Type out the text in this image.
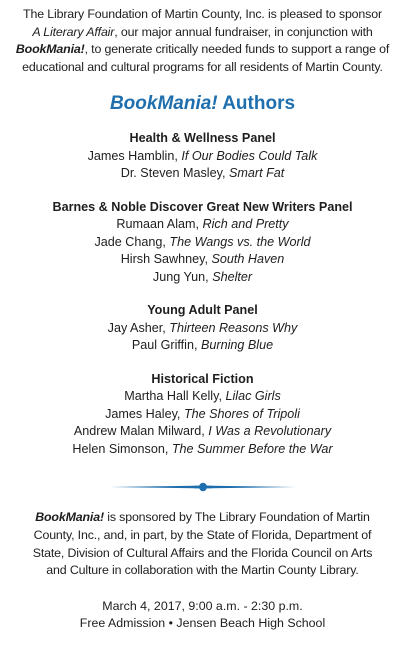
The Library Foundation of Martin County, Inc. is pleased to sponsor
A Literary Affair, our major annual fundraiser, in conjunction with
BookMania!, to generate critically needed funds to support a range of
educational and cultural programs for all residents of Martin County.

BookMania! Authors

Health & Wellness Panel

James Hamblin, If Our Bodies Could Talk

Dr. Steven Masley, Smart Fat

Barnes & Noble Discover Great New Writers Panel

Rumaan Alam, Rich and Pretty

Jade Chang, The Wangs vs. the World

Hirsh Sawhney, South Haven

Jung Yun, Shelter

Young Adult Panel

Jay Asher, Thirteen Reasons Why

Paul Griffin, Burning Blue

Historical Fiction

Martha Hall Kelly, Lilac Girls

James Haley, The Shores of Tripoli

Andrew Malan Milward, I Was a Revolutionary

Helen Simonson, The Summer Before the War

BookMania! is sponsored by The Library Foundation of Martin
County, Inc., and, in part, by the State of Florida, Department of
State, Division of Cultural Affairs and the Florida Council on Arts
and Culture in collaboration with the Martin County Library.
March 4, 2017, 9:00 a.m. - 2:30 p.m.
Free Admission • Jensen Beach High School
